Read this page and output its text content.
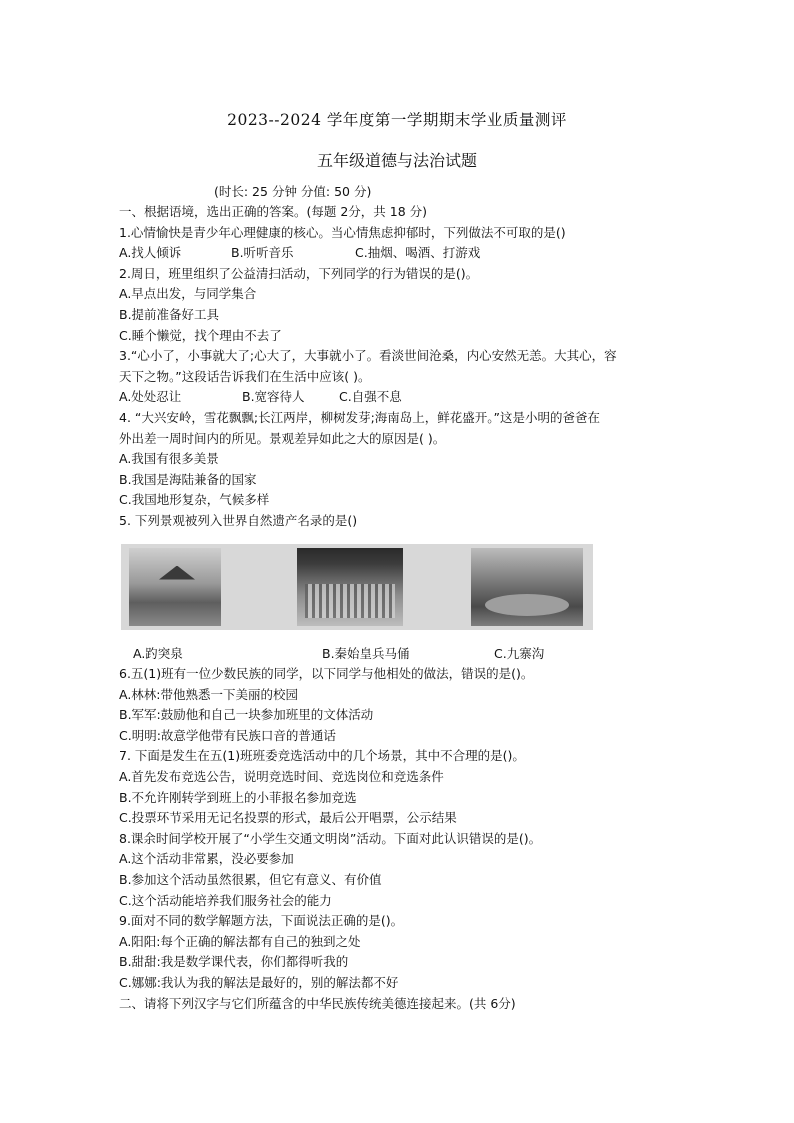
2023--2024 学年度第一学期期末学业质量测评
五年级道德与法治试题
(时长: 25 分钟 分值: 50 分)
一、根据语境，选出正确的答案。(每题 2分，共 18 分)
1.心情愉快是青少年心理健康的核心。当心情焦虑抑郁时，下列做法不可取的是()
A.找人倾诉	B.听听音乐	C.抽烟、喝酒、打游戏
2.周日，班里组织了公益清扫活动，下列同学的行为错误的是()。
A.早点出发，与同学集合
B.提前准备好工具
C.睡个懒觉，找个理由不去了
3.“心小了，小事就大了;心大了，大事就小了。看淡世间沧桑，内心安然无恙。大其心，容
天下之物。”这段话告诉我们在生活中应该( )。
A.处处忍让	B.宽容待人	C.自强不息
4. “大兴安岭，雪花飘飘;长江两岸，柳树发芽;海南岛上，鲜花盛开。”这是小明的爸爸在
外出差一周时间内的所见。景观差异如此之大的原因是( )。
A.我国有很多美景
B.我国是海陆兼备的国家
C.我国地形复杂，气候多样
5. 下列景观被列入世界自然遗产名录的是()
A.趵突泉	B.秦始皇兵马俑	C.九寨沟
6.五(1)班有一位少数民族的同学，以下同学与他相处的做法，错误的是()。
A.林林:带他熟悉一下美丽的校园
B.军军:鼓励他和自己一块参加班里的文体活动
C.明明:故意学他带有民族口音的普通话
7. 下面是发生在五(1)班班委竞选活动中的几个场景，其中不合理的是()。
A.首先发布竞选公告，说明竞选时间、竞选岗位和竞选条件
B.不允许刚转学到班上的小菲报名参加竞选
C.投票环节采用无记名投票的形式，最后公开唱票，公示结果
8.课余时间学校开展了“小学生交通文明岗”活动。下面对此认识错误的是()。
A.这个活动非常累，没必要参加
B.参加这个活动虽然很累，但它有意义、有价值
C.这个活动能培养我们服务社会的能力
9.面对不同的数学解题方法，下面说法正确的是()。
A.阳阳:每个正确的解法都有自己的独到之处
B.甜甜:我是数学课代表，你们都得听我的
C.娜娜:我认为我的解法是最好的，别的解法都不好
二、请将下列汉字与它们所蕴含的中华民族传统美德连接起来。(共 6分)
